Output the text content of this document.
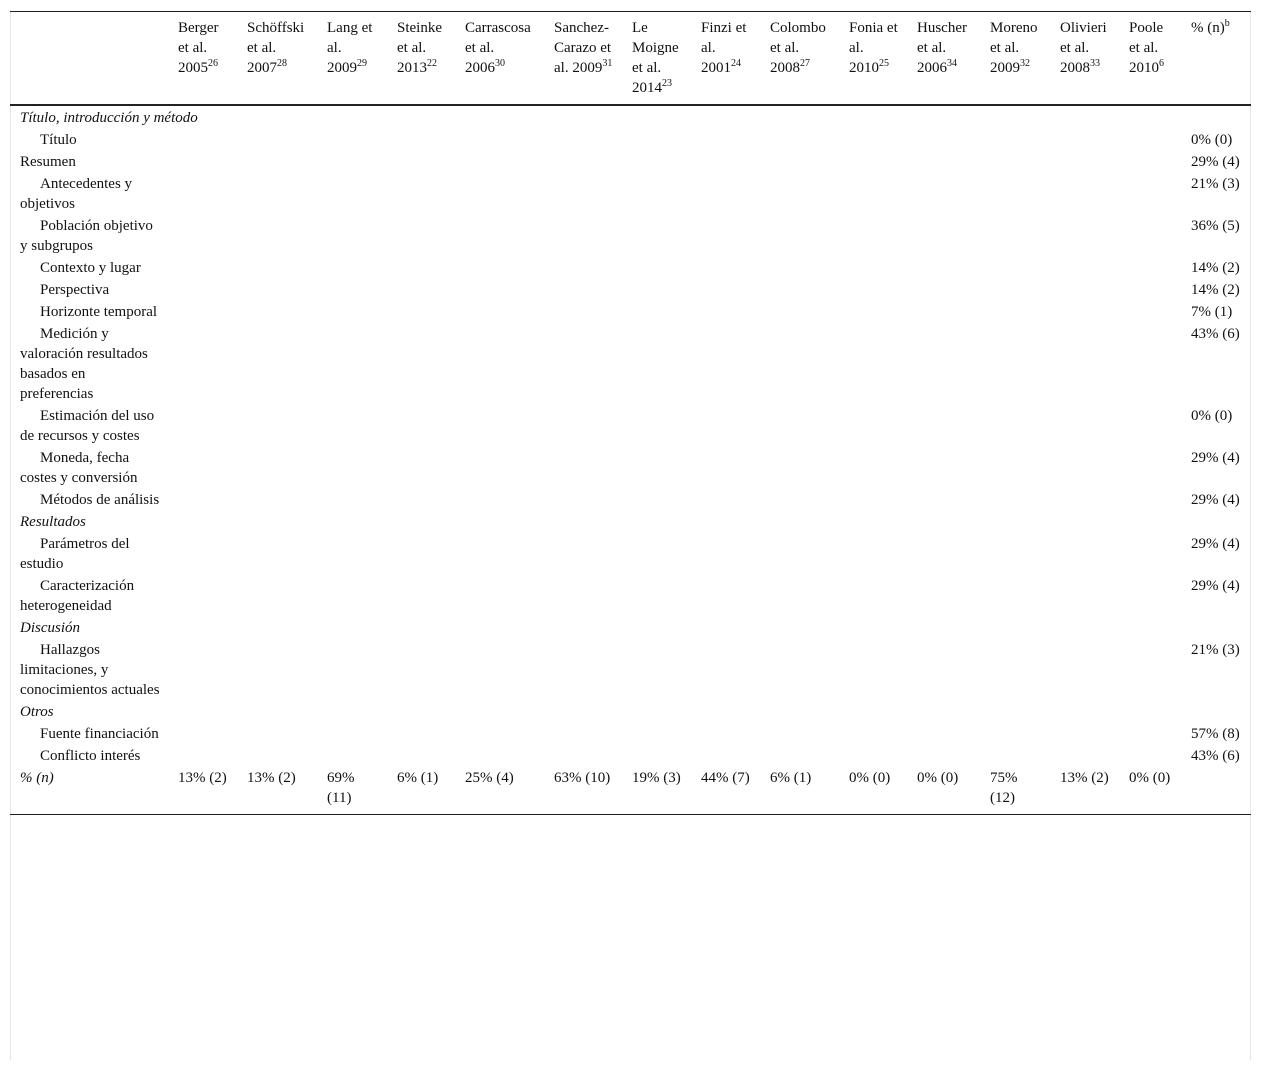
	Berger et al. 2005$^{26}$	Schöffski et al. 2007$^{28}$	Lang et al. 2009$^{29}$	Steinke et al. 2013$^{22}$	Carrascosa et al. 2006$^{30}$	Sanchez-Carazo et al. 2009$^{31}$	Le Moigne et al. 2014$^{23}$	Finzi et al. 2001$^{24}$	Colombo et al. 2008$^{27}$	Fonia et al. 2010$^{25}$	Huscher et al. 2006$^{34}$	Moreno et al. 2009$^{32}$	Olivieri et al. 2008$^{33}$	Poole et al. 2010$^6$	% $(n)^b$
Título, introducción y método															
Título															0% (0)
Resumen															29% (4)
Antecedentes y objetivos															21% (3)
Población objetivo y subgrupos															36% (5)
Contexto y lugar															14% (2)
Perspectiva															14% (2)
Horizonte temporal															7% (1)
Medición y valoración resultados basados en preferencias															43% (6)
Estimación del uso de recursos y costes															0% (0)
Moneda, fecha costes y conversión															29% (4)
Métodos de análisis															29% (4)
Resultados															
Parámetros del estudio															29% (4)
Caracterización heterogeneidad															29% (4)
Discusión															
Hallazgos limitaciones, y conocimientos actuales															21% (3)
Otros															
Fuente financiación															57% (8)
Conflicto interés															43% (6)
% (n)	13% (2)	13% (2)	69% (11)	6% (1)	25% (4)	63% (10)	19% (3)	44% (7)	6% (1)	0% (0)	0% (0)	75% (12)	13% (2)	0% (0)	
